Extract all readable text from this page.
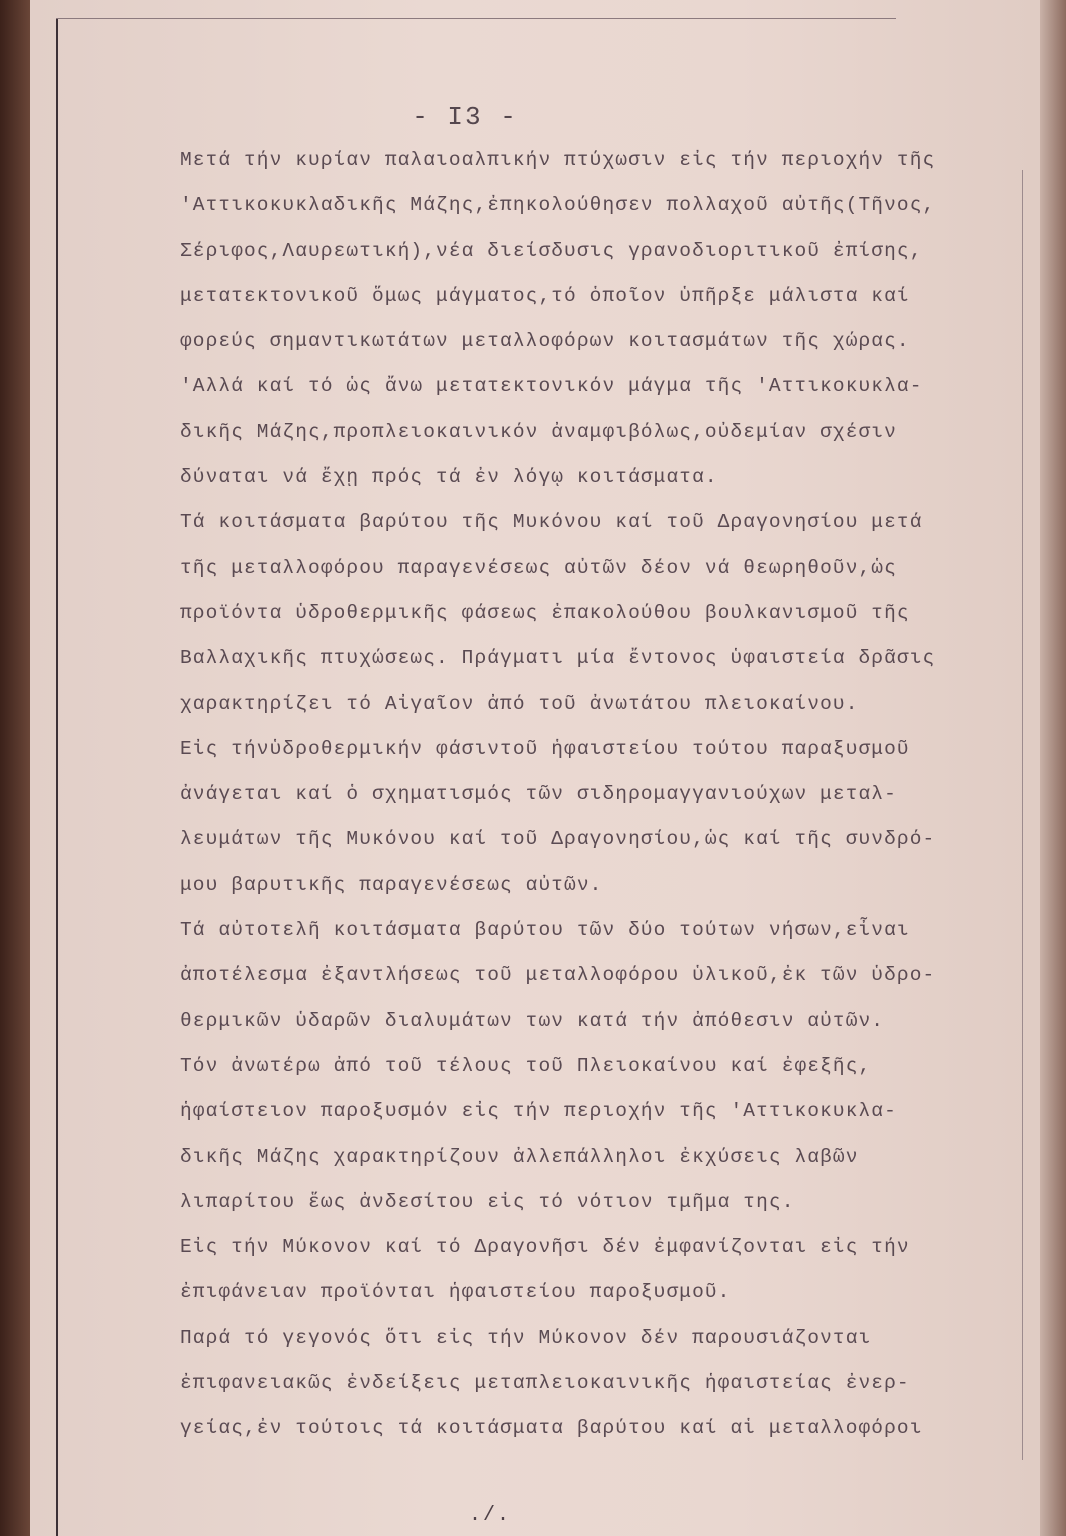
- I3 -
Μετά τήν κυρίαν παλαιοαλπικήν πτύχωσιν εἰς τήν περιοχήν τῆς
'Αττικοκυκλαδικῆς Μάζης,ἐπηκολούθησεν πολλαχοῦ αὐτῆς(Τῆνος,
Σέριφος,Λαυρεωτική),νέα διείσδυσις γρανοδιοριτικοῦ ἐπίσης,
μετατεκτονικοῦ ὅμως μάγματος,τό ὁποῖον ὑπῆρξε μάλιστα καί
φορεύς σημαντικωτάτων μεταλλοφόρων κοιτασμάτων τῆς χώρας.
'Αλλά καί τό ὡς ἄνω μετατεκτονικόν μάγμα τῆς 'Αττικοκυκλα-
δικῆς Μάζης,προπλειοκαινικόν ἀναμφιβόλως,οὐδεμίαν σχέσιν
δύναται νά ἔχῃ πρός τά ἐν λόγῳ κοιτάσματα.
Τά κοιτάσματα βαρύτου τῆς Μυκόνου καί τοῦ Δραγονησίου μετά
τῆς μεταλλοφόρου παραγενέσεως αὐτῶν δέον νά θεωρηθοῦν,ὡς
προϊόντα ὑδροθερμικῆς φάσεως ἐπακολούθου βουλκανισμοῦ τῆς
Βαλλαχικῆς πτυχώσεως. Πράγματι μία ἔντονος ὑφαιστεία δρᾶσις
χαρακτηρίζει τό Αἰγαῖον ἀπό τοῦ ἀνωτάτου πλειοκαίνου.
Εἰς τήνὑδροθερμικήν φάσιντοῦ ἡφαιστείου τούτου παραξυσμοῦ
ἀνάγεται καί ὁ σχηματισμός τῶν σιδηρομαγγανιούχων μεταλ-
λευμάτων τῆς Μυκόνου καί τοῦ Δραγονησίου,ὡς καί τῆς συνδρό-
μου βαρυτικῆς παραγενέσεως αὐτῶν.
Τά αὐτοτελῆ κοιτάσματα βαρύτου τῶν δύο τούτων νήσων,εἶναι
ἀποτέλεσμα ἐξαντλήσεως τοῦ μεταλλοφόρου ὑλικοῦ,ἐκ τῶν ὑδρο-
θερμικῶν ὑδαρῶν διαλυμάτων των κατά τήν ἀπόθεσιν αὐτῶν.
Τόν ἀνωτέρω ἀπό τοῦ τέλους τοῦ Πλειοκαίνου καί ἐφεξῆς,
ἡφαίστειον παροξυσμόν εἰς τήν περιοχήν τῆς 'Αττικοκυκλα-
δικῆς Μάζης χαρακτηρίζουν ἀλλεπάλληλοι ἐκχύσεις λαβῶν
λιπαρίτου ἕως ἀνδεσίτου εἰς τό νότιον τμῆμα της.
Εἰς τήν Μύκονον καί τό Δραγονῆσι δέν ἐμφανίζονται εἰς τήν
ἐπιφάνειαν προϊόνται ἡφαιστείου παροξυσμοῦ.
Παρά τό γεγονός ὅτι εἰς τήν Μύκονον δέν παρουσιάζονται
ἐπιφανειακῶς ἐνδείξεις μεταπλειοκαινικῆς ἡφαιστείας ἐνερ-
γείας,ἐν τούτοις τά κοιτάσματα βαρύτου καί αἱ μεταλλοφόροι
./.
